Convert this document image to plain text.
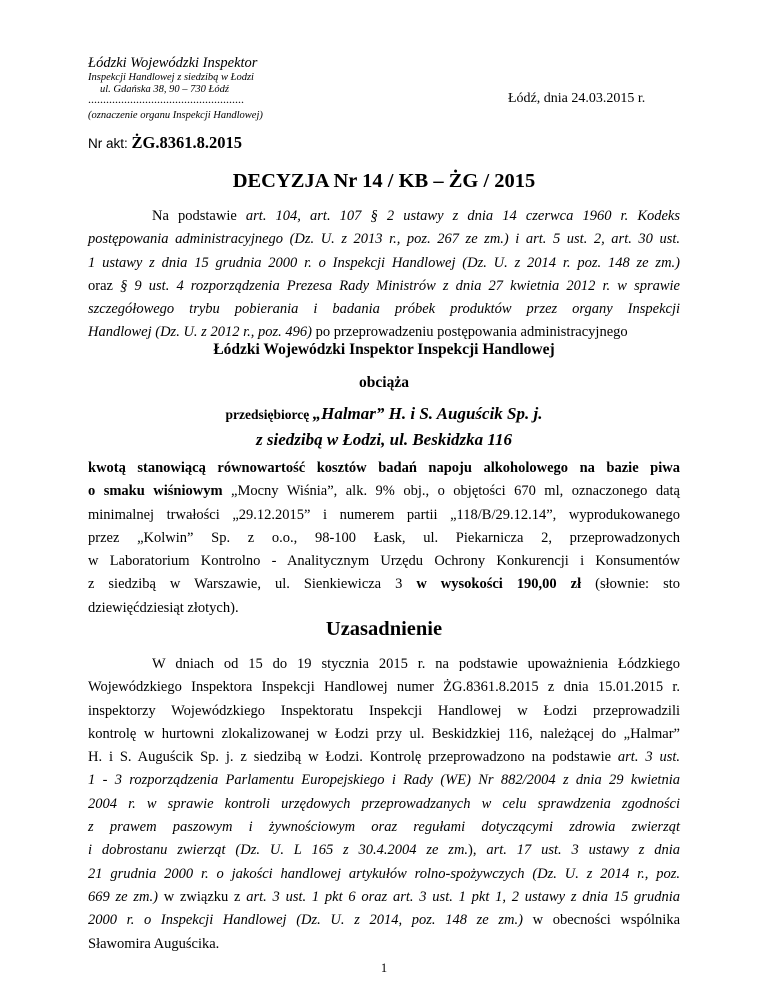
Łódzki Wojewódzki Inspektor
Inspekcji Handlowej z siedzibą w Łodzi
ul. Gdańska 38, 90 – 730 Łódź
....................................................
(oznaczenie organu Inspekcji Handlowej)
Łódź, dnia 24.03.2015 r.
Nr akt: ŻG.8361.8.2015
DECYZJA Nr 14 / KB – ŻG / 2015
Na podstawie art. 104, art. 107 § 2 ustawy z dnia 14 czerwca 1960 r. Kodeks
postępowania administracyjnego (Dz. U. z 2013 r., poz. 267 ze zm.) i art. 5 ust. 2, art. 30 ust.
1 ustawy z dnia 15 grudnia 2000 r. o Inspekcji Handlowej (Dz. U. z 2014 r. poz. 148 ze zm.)
oraz § 9 ust. 4 rozporządzenia Prezesa Rady Ministrów z dnia 27 kwietnia 2012 r. w sprawie
szczegółowego trybu pobierania i badania próbek produktów przez organy Inspekcji
Handlowej (Dz. U. z 2012 r., poz. 496) po przeprowadzeniu postępowania administracyjnego
Łódzki Wojewódzki Inspektor Inspekcji Handlowej
obciąża
przedsiębiorcę „Halmar” H. i S. Auguścik Sp. j.
z siedzibą w Łodzi, ul. Beskidzka 116
kwotą stanowiącą równowartość kosztów badań napoju alkoholowego na bazie piwa
o smaku wiśniowym „Mocny Wiśnia”, alk. 9% obj., o objętości 670 ml, oznaczonego datą
minimalnej trwałości „29.12.2015” i numerem partii „118/B/29.12.14”, wyprodukowanego
przez „Kolwin” Sp. z o.o., 98-100 Łask, ul. Piekarnicza 2, przeprowadzonych
w Laboratorium Kontrolno - Analitycznym Urzędu Ochrony Konkurencji i Konsumentów
z siedzibą w Warszawie, ul. Sienkiewicza 3 w wysokości 190,00 zł (słownie: sto
dziewięćdziesiąt złotych).
Uzasadnienie
W dniach od 15 do 19 stycznia 2015 r. na podstawie upoważnienia Łódzkiego
Wojewódzkiego Inspektora Inspekcji Handlowej numer ŻG.8361.8.2015 z dnia 15.01.2015 r.
inspektorzy Wojewódzkiego Inspektoratu Inspekcji Handlowej w Łodzi przeprowadzili
kontrolę w hurtowni zlokalizowanej w Łodzi przy ul. Beskidzkiej 116, należącej do „Halmar”
H. i S. Auguścik Sp. j. z siedzibą w Łodzi. Kontrolę przeprowadzono na podstawie art. 3 ust.
1 - 3 rozporządzenia Parlamentu Europejskiego i Rady (WE) Nr 882/2004 z dnia 29 kwietnia
2004 r. w sprawie kontroli urzędowych przeprowadzanych w celu sprawdzenia zgodności
z prawem paszowym i żywnościowym oraz regułami dotyczącymi zdrowia zwierząt
i dobrostanu zwierząt (Dz. U. L 165 z 30.4.2004 ze zm.), art. 17 ust. 3 ustawy z dnia
21 grudnia 2000 r. o jakości handlowej artykułów rolno-spożywczych (Dz. U. z 2014 r., poz.
669 ze zm.) w związku z art. 3 ust. 1 pkt 6 oraz art. 3 ust. 1 pkt 1, 2 ustawy z dnia 15 grudnia
2000 r. o Inspekcji Handlowej (Dz. U. z 2014, poz. 148 ze zm.) w obecności wspólnika
Sławomira Auguścika.
1
